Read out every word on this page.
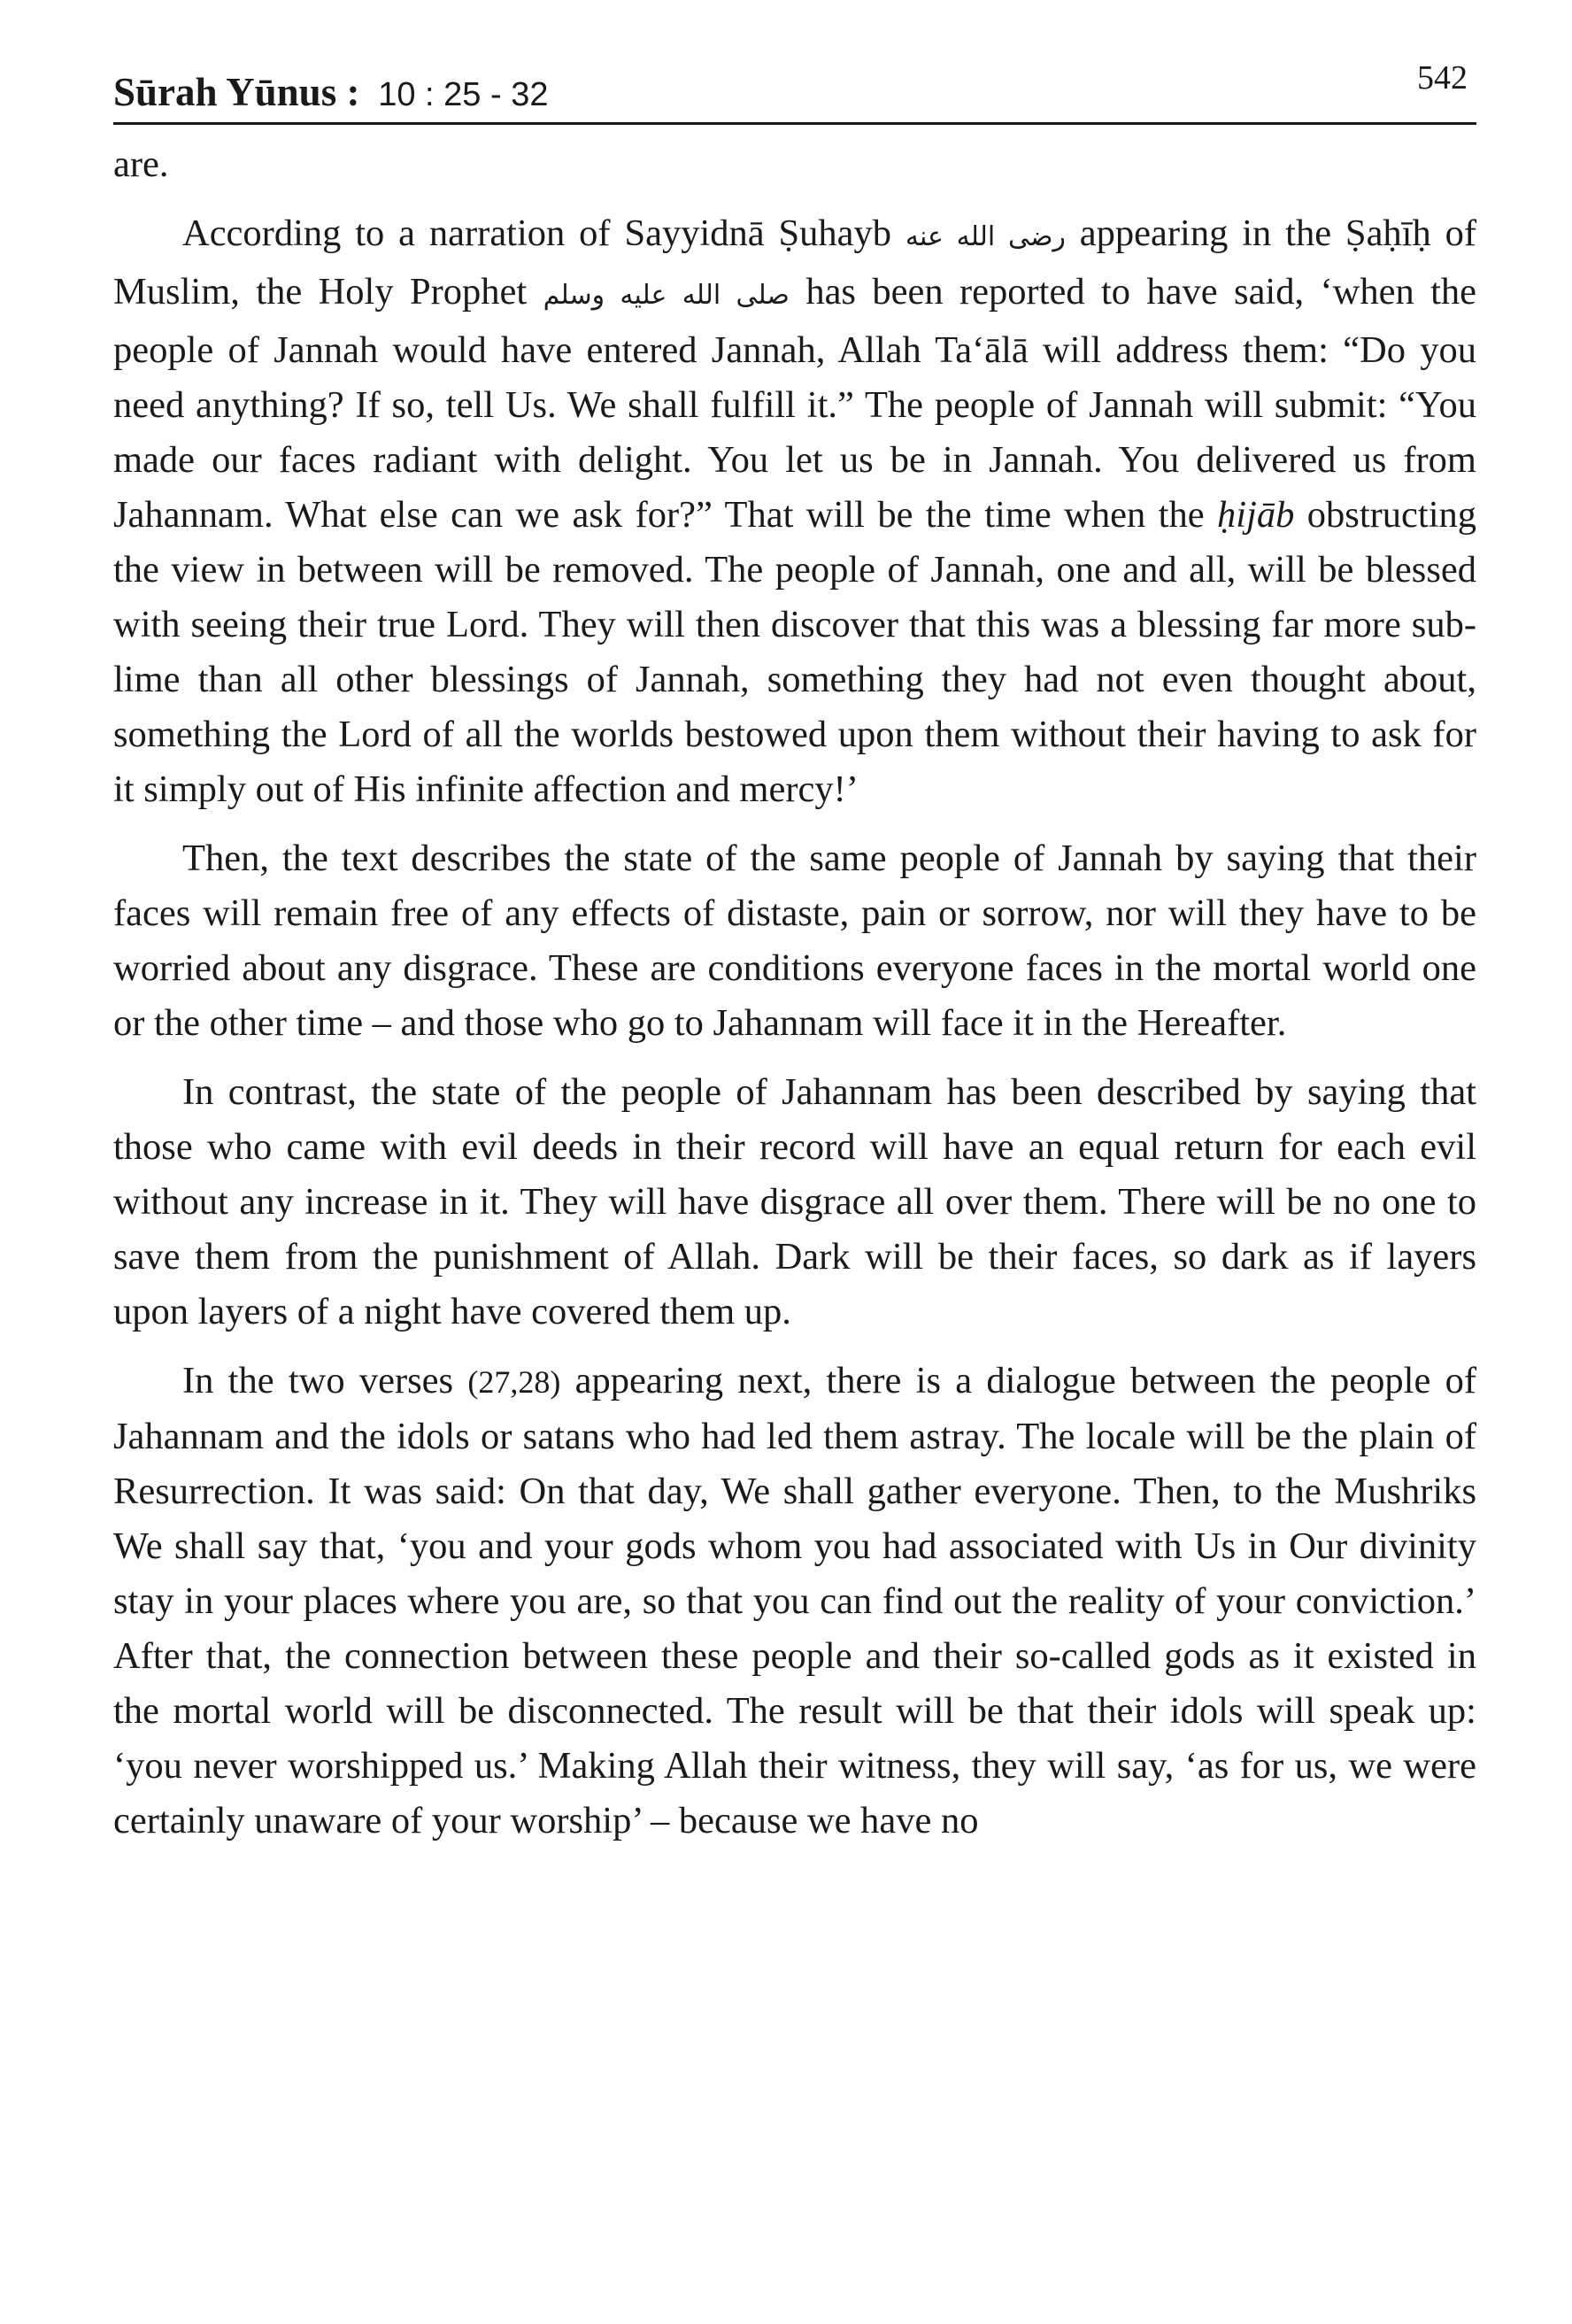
Sūrah Yūnus : 10 : 25 - 32	542

are.

According to a narration of Sayyidnā Ṣuhayb رضى الله عنه appearing in the Ṣaḥīḥ of Muslim, the Holy Prophet صلى الله عليه وسلم has been reported to have said, ‘when the people of Jannah would have entered Jannah, Allah Taʻālā will address them: “Do you need anything? If so, tell Us. We shall fulfill it.” The people of Jannah will submit: “You made our faces radiant with delight. You let us be in Jannah. You delivered us from Jahannam. What else can we ask for?” That will be the time when the ḥijāb obstructing the view in between will be removed. The people of Jannah, one and all, will be blessed with seeing their true Lord. They will then discover that this was a blessing far more sublime than all other blessings of Jannah, something they had not even thought about, something the Lord of all the worlds bestowed upon them without their having to ask for it simply out of His infinite affection and mercy!’

Then, the text describes the state of the same people of Jannah by saying that their faces will remain free of any effects of distaste, pain or sorrow, nor will they have to be worried about any disgrace. These are conditions everyone faces in the mortal world one or the other time – and those who go to Jahannam will face it in the Hereafter.

In contrast, the state of the people of Jahannam has been described by saying that those who came with evil deeds in their record will have an equal return for each evil without any increase in it. They will have disgrace all over them. There will be no one to save them from the punishment of Allah. Dark will be their faces, so dark as if layers upon layers of a night have covered them up.

In the two verses (27,28) appearing next, there is a dialogue between the people of Jahannam and the idols or satans who had led them astray. The locale will be the plain of Resurrection. It was said: On that day, We shall gather everyone. Then, to the Mushriks We shall say that, ‘you and your gods whom you had associated with Us in Our divinity stay in your places where you are, so that you can find out the reality of your conviction.’ After that, the connection between these people and their so-called gods as it existed in the mortal world will be disconnected. The result will be that their idols will speak up: ‘you never worshipped us.’ Making Allah their witness, they will say, ‘as for us, we were certainly unaware of your worship’ – because we have no
